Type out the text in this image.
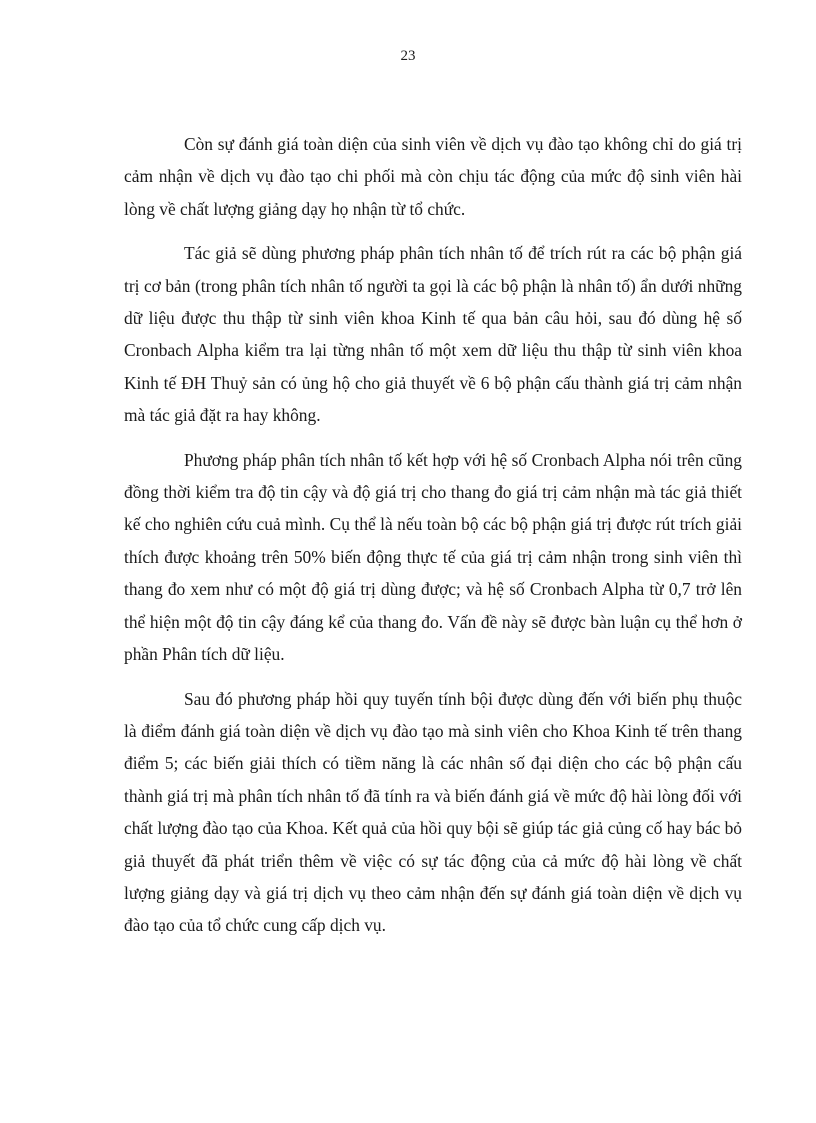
23

Còn sự đánh giá toàn diện của sinh viên về dịch vụ đào tạo không chỉ do giá trị cảm nhận về dịch vụ đào tạo chi phối mà còn chịu tác động của mức độ sinh viên hài lòng về chất lượng giảng dạy họ nhận từ tổ chức.

Tác giả sẽ dùng phương pháp phân tích nhân tố để trích rút ra các bộ phận giá trị cơ bản (trong phân tích nhân tố người ta gọi là các bộ phận là nhân tố) ẩn dưới những dữ liệu được thu thập từ sinh viên khoa Kinh tế qua bản câu hỏi, sau đó dùng hệ số Cronbach Alpha kiểm tra lại từng nhân tố một xem dữ liệu thu thập từ sinh viên khoa Kinh tế ĐH Thuỷ sản có ủng hộ cho giả thuyết về 6 bộ phận cấu thành giá trị cảm nhận mà tác giả đặt ra hay không.

Phương pháp phân tích nhân tố kết hợp với hệ số Cronbach Alpha nói trên cũng đồng thời kiểm tra độ tin cậy và độ giá trị cho thang đo giá trị cảm nhận mà tác giả thiết kế cho nghiên cứu cuả mình. Cụ thể là nếu toàn bộ các bộ phận giá trị được rút trích giải thích được khoảng trên 50% biến động thực tế của giá trị cảm nhận trong sinh viên thì thang đo xem như có một độ giá trị dùng được; và hệ số Cronbach Alpha từ 0,7 trở lên thể hiện một độ tin cậy đáng kể của thang đo. Vấn đề này sẽ được bàn luận cụ thể hơn ở phần Phân tích dữ liệu.

Sau đó phương pháp hồi quy tuyến tính bội được dùng đến với biến phụ thuộc là điểm đánh giá toàn diện về dịch vụ đào tạo mà sinh viên cho Khoa Kinh tế trên thang điểm 5; các biến giải thích có tiềm năng là các nhân số đại diện cho các bộ phận cấu thành giá trị mà phân tích nhân tố đã tính ra và biến đánh giá về mức độ hài lòng đối với chất lượng đào tạo của Khoa. Kết quả của hồi quy bội sẽ giúp tác giả củng cố hay bác bỏ giả thuyết đã phát triển thêm về việc có sự tác động của cả mức độ hài lòng về chất lượng giảng dạy và giá trị dịch vụ theo cảm nhận đến sự đánh giá toàn diện về dịch vụ đào tạo của tổ chức cung cấp dịch vụ.
